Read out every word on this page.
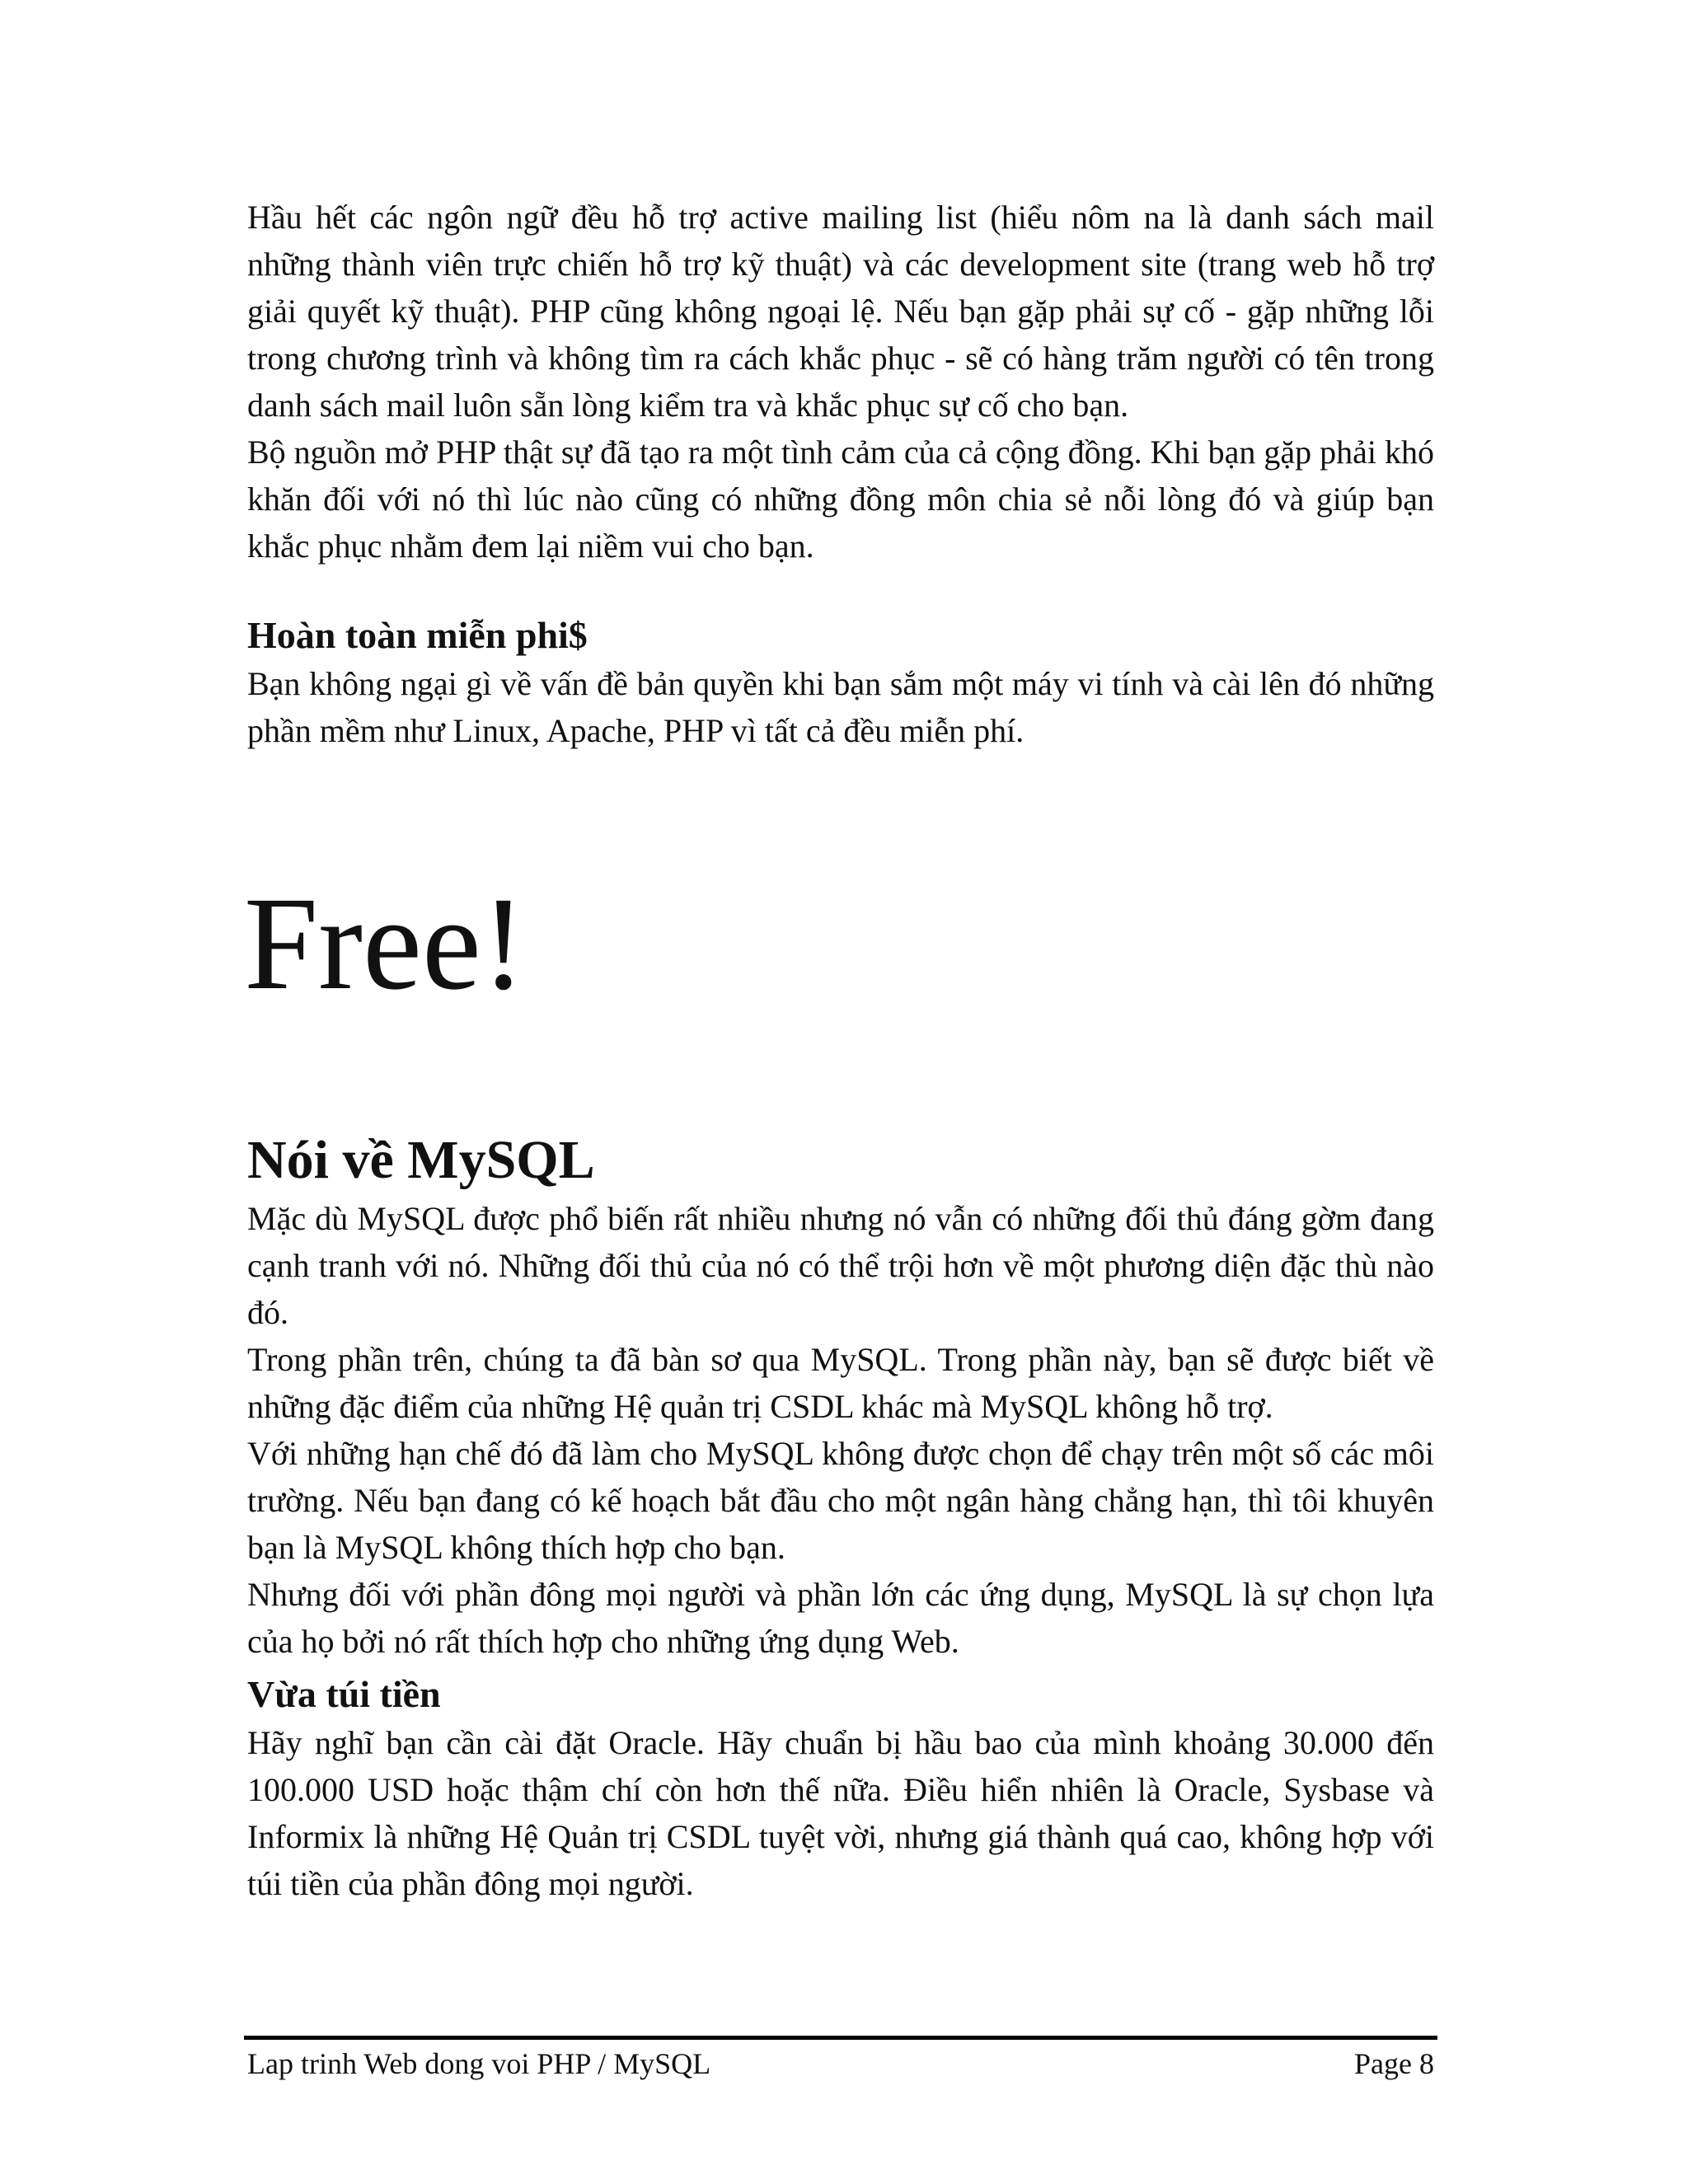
Hầu hết các ngôn ngữ đều hỗ trợ active mailing list (hiểu nôm na là danh sách mail những thành viên trực chiến hỗ trợ kỹ thuật) và các development site (trang web hỗ trợ giải quyết kỹ thuật). PHP cũng không ngoại lệ. Nếu bạn gặp phải sự cố - gặp những lỗi trong chương trình và không tìm ra cách khắc phục - sẽ có hàng trăm người có tên trong danh sách mail luôn sẵn lòng kiểm tra và khắc phục sự cố cho bạn.

Bộ nguồn mở PHP thật sự đã tạo ra một tình cảm của cả cộng đồng. Khi bạn gặp phải khó khăn đối với nó thì lúc nào cũng có những đồng môn chia sẻ nỗi lòng đó và giúp bạn khắc phục nhằm đem lại niềm vui cho bạn.

Hoàn toàn miễn phi$

Bạn không ngại gì về vấn đề bản quyền khi bạn sắm một máy vi tính và cài lên đó những phần mềm như Linux, Apache, PHP vì tất cả đều miễn phí.

Free!
Nói về MySQL

Mặc dù MySQL được phổ biến rất nhiều nhưng nó vẫn có những đối thủ đáng gờm đang cạnh tranh với nó. Những đối thủ của nó có thể trội hơn về một phương diện đặc thù nào đó.

Trong phần trên, chúng ta đã bàn sơ qua MySQL. Trong phần này, bạn sẽ được biết về những đặc điểm của những Hệ quản trị CSDL khác mà MySQL không hỗ trợ.

Với những hạn chế đó đã làm cho MySQL không được chọn để chạy trên một số các môi trường. Nếu bạn đang có kế hoạch bắt đầu cho một ngân hàng chẳng hạn, thì tôi khuyên bạn là MySQL không thích hợp cho bạn.

Nhưng đối với phần đông mọi người và phần lớn các ứng dụng, MySQL là sự chọn lựa của họ bởi nó rất thích hợp cho những ứng dụng Web.

Vừa túi tiền

Hãy nghĩ bạn cần cài đặt Oracle. Hãy chuẩn bị hầu bao của mình khoảng 30.000 đến 100.000 USD hoặc thậm chí còn hơn thế nữa. Điều hiển nhiên là Oracle, Sysbase và Informix là những Hệ Quản trị CSDL tuyệt vời, nhưng giá thành quá cao, không hợp với túi tiền của phần đông mọi người.

Lap trinh Web dong voi PHP / MySQL	Page 8
